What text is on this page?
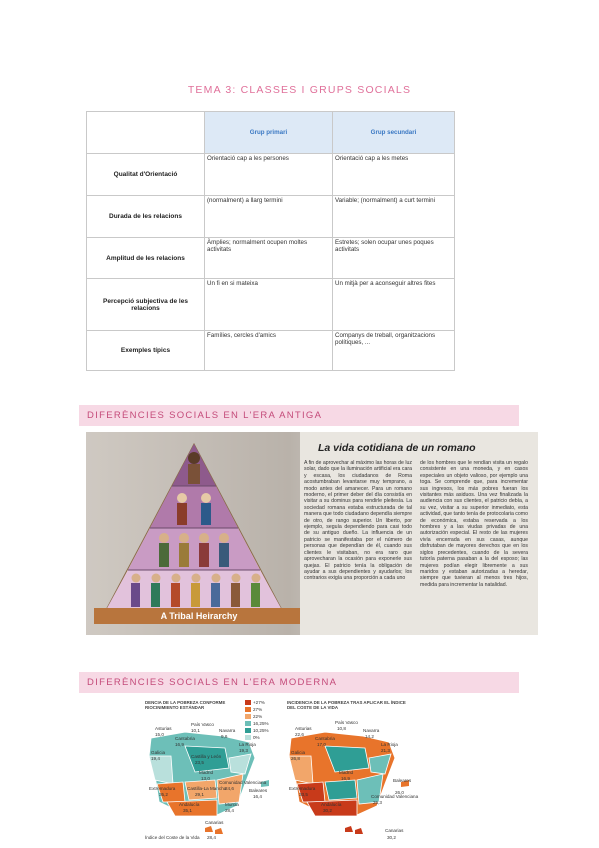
TEMA 3: CLASSES I GRUPS SOCIALS
	Grup primari	Grup secundari
Qualitat d'Orientació	Orientació cap a les persones	Orientació cap a les metes
Durada de les relacions	(normalment) a llarg termini	Variable; (normalment) a curt termini
Amplitud de les relacions	Àmplies; normalment ocupen moltes activitats	Estretes; solen ocupar unes poques activitats
Percepció subjectiva de les relacions	Un fi en si mateixa	Un mitjà per a aconseguir altres fites
Exemples típics	Famílies, cercles d'amics	Companys de treball, organitzacions polítiques, ...
DIFERÈNCIES SOCIALS EN L'ERA ANTIGA
A Tribal Heirarchy
La vida cotidiana de un romano
A fin de aprovechar al máximo las horas de luz solar, dado que la iluminación artificial era cara y escasa, los ciudadanos de Roma acostumbraban levantarse muy temprano, a modo antes del amanecer. Para un romano moderno, el primer deber del día consistía en visitar a su dominus para rendirle pleitesía. La sociedad romana estaba estructurada de tal manera que todo ciudadano dependía siempre de otro, de rango superior. Un liberto, por ejemplo, seguía dependiendo para casi todo de su antiguo dueño. La influencia de un patricio se manifestaba por el número de personas que dependían de él, cuando sus clientes le visitaban, no era raro que aprovecharan la ocasión para exponerle sus quejas. El patricio tenía la obligación de ayudar a sus dependientes y ayudarlos; los contrarios exigía una proporción a cada uno
de los hombres que le rendían visita un regalo consistente en una moneda, y en casos especiales un objeto valioso, por ejemplo una toga. Se comprende que, para incrementar sus ingresos, los más pobres fueran los visitantes más asiduos. Una vez finalizada la audiencia con sus clientes, el patricio debía, a su vez, visitar a su superior inmediato, esta actividad, que tanto tenía de protocolaria como de económica, estaba reservada a los hombres y a las viudas privadas de una autorización especial. El resto de las mujeres vivía encerrada en sus casas, aunque disfrutaban de mayores derechos que en los siglos precedentes, cuando de la severa tutoría paterna pasaban a la del esposo; las mujeres podían elegir libremente a sus maridos y estaban autorizadas a heredar, siempre que tuvieran al menos tres hijos, medida para incrementar la natalidad.
DIFERÈNCIES SOCIALS EN L'ERA MODERNA
DENCIA DE LA POBREZA CONFORME RIOCINIMIENTO ESTÁNDAR
INCIDENCIA DE LA POBREZA TRAS APLICAR EL ÍNDICE DEL COSTE DE LA VIDA
+27%
27%
22%
16,25%
10,25%
0%
Asturias
15,0
Cantabria
16,9
País Vasco
10,1	Navarra
9,6
La Rioja
19,3
Galicia
19,4	Castilla y León
23,5
Madrid
13,0
Extremadura
35,2
Castilla-La Mancha
29,1
Comunidad Valenciana
24,6
Murcia
28,4
Andalucía
35,1
Baleares
16,4
Canarias
28,4
Índice del Coste de la Vida
Asturias
22,6
Cantabria
17,0
País Vasco
10,8	Navarra
14,2
La Rioja
21,3
Galicia
26,8
Madrid
16,9
Extremadura
33,5
Andalucía
30,2
Baleares
26,0
Comunidad Valenciana
26,3
Canarias
30,2
